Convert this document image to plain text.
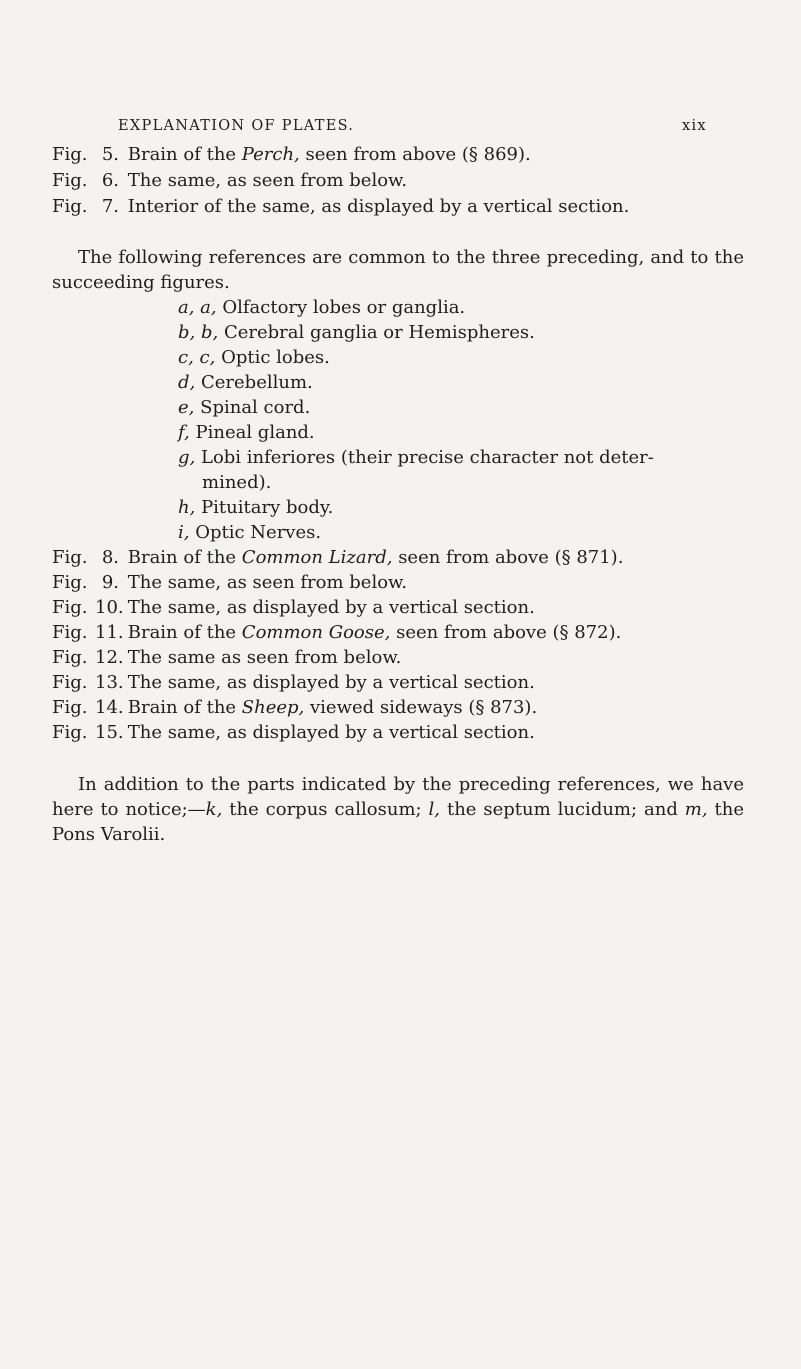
EXPLANATION OF PLATES.	xix
Fig. 5. Brain of the Perch, seen from above (§ 869).
Fig. 6. The same, as seen from below.
Fig. 7. Interior of the same, as displayed by a vertical section.

The following references are common to the three preceding, and to the succeeding figures.

a, a, Olfactory lobes or ganglia.
b, b, Cerebral ganglia or Hemispheres.
c, c, Optic lobes.
d, Cerebellum.
e, Spinal cord.
f, Pineal gland.
g, Lobi inferiores (their precise character not deter-
mined).
h, Pituitary body.
i, Optic Nerves.
Fig. 8. Brain of the Common Lizard, seen from above (§ 871).
Fig. 9. The same, as seen from below.
Fig. 10. The same, as displayed by a vertical section.
Fig. 11. Brain of the Common Goose, seen from above (§ 872).
Fig. 12. The same as seen from below.
Fig. 13. The same, as displayed by a vertical section.
Fig. 14. Brain of the Sheep, viewed sideways (§ 873).
Fig. 15. The same, as displayed by a vertical section.

In addition to the parts indicated by the preceding references, we have here to notice;—k, the corpus callosum; l, the septum lucidum; and m, the Pons Varolii.
